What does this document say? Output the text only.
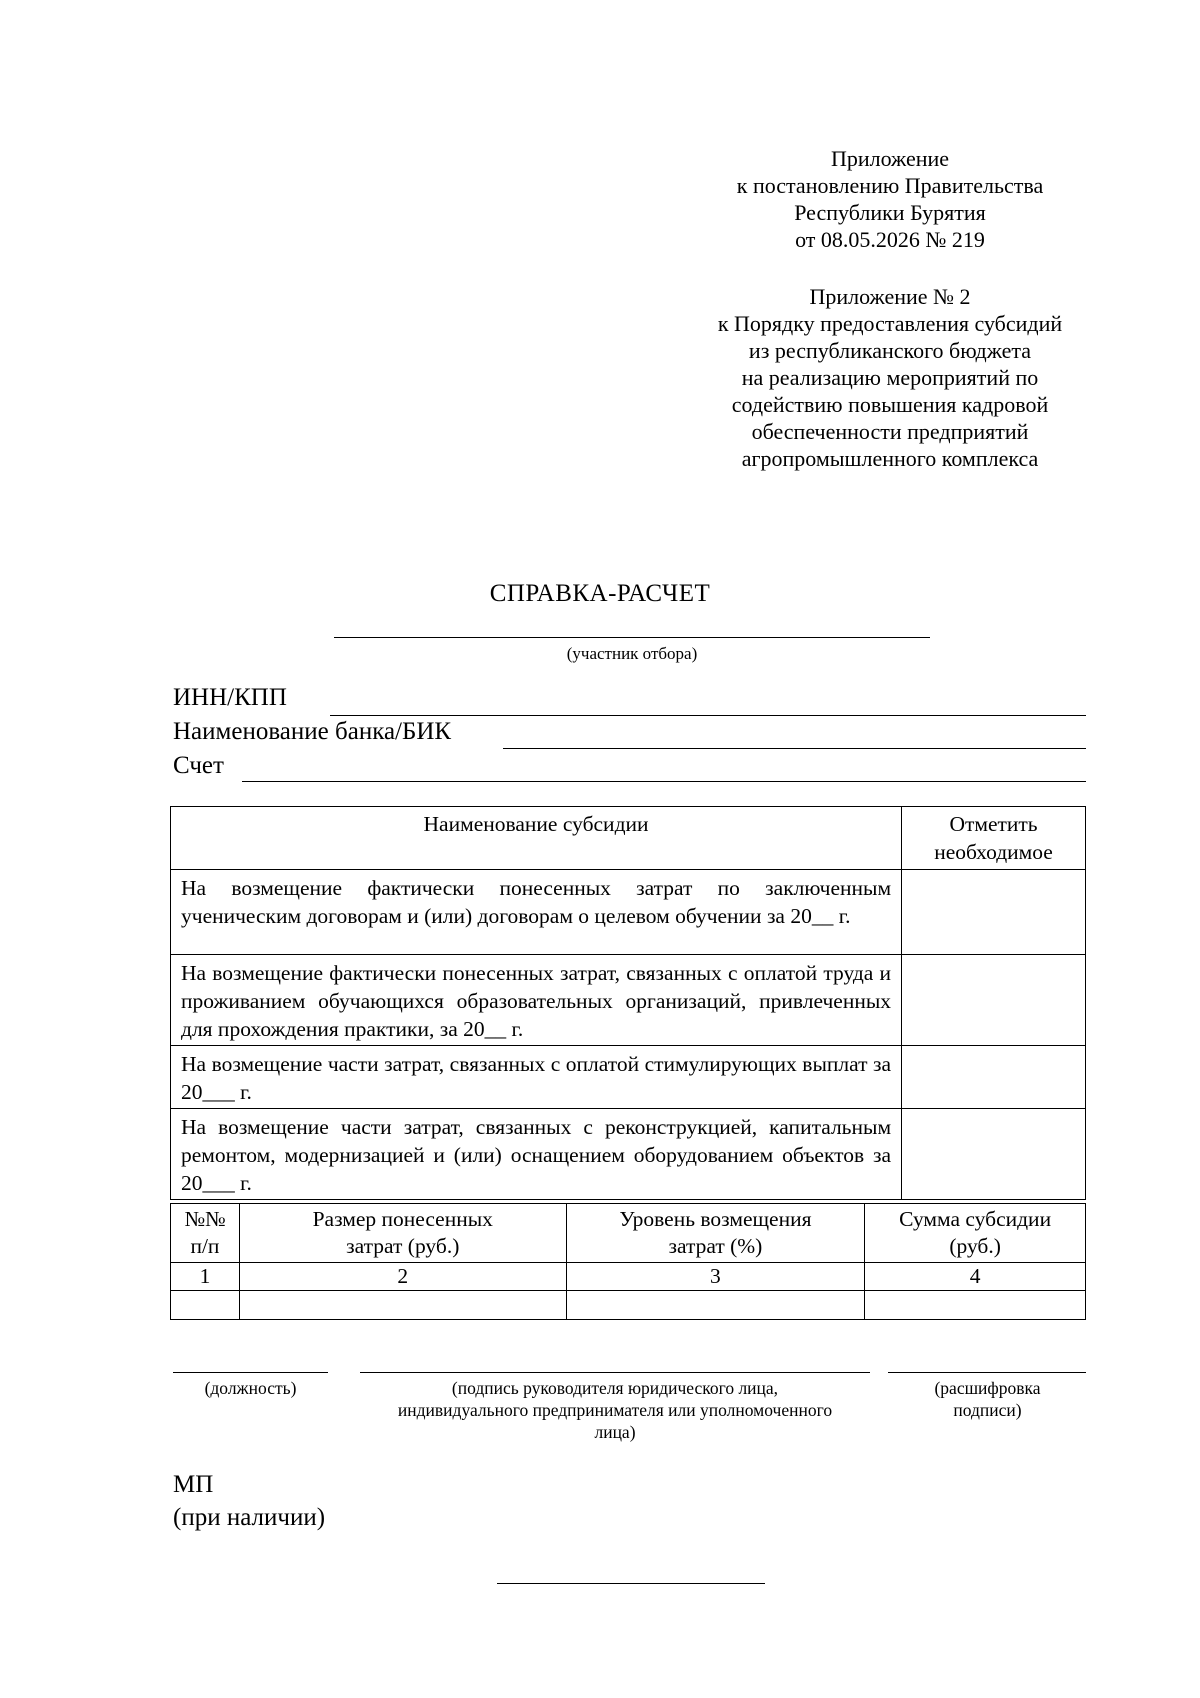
Приложение
к постановлению Правительства
Республики Бурятия
от 08.05.2026 № 219
Приложение № 2
к Порядку предоставления субсидий
из республиканского бюджета
на реализацию мероприятий по
содействию повышения кадровой
обеспеченности предприятий
агропромышленного комплекса
СПРАВКА-РАСЧЕТ
(участник отбора)
ИНН/КПП
Наименование банка/БИК
Счет
Наименование субсидии	Отметить необходимое
На возмещение фактически понесенных затрат по заключенным ученическим договорам и (или) договорам о целевом обучении за 20__ г.	
На возмещение фактически понесенных затрат, связанных с оплатой труда и проживанием обучающихся образовательных организаций, привлеченных для прохождения практики, за 20__ г.	
На возмещение части затрат, связанных с оплатой стимулирующих выплат за 20___ г.	
На возмещение части затрат, связанных с реконструкцией, капитальным ремонтом, модернизацией и (или) оснащением оборудованием объектов за 20___ г.	
№№ п/п	Размер понесенных затрат (руб.)	Уровень возмещения затрат (%)	Сумма субсидии (руб.)
1	2	3	4

(должность)	(подпись руководителя юридического лица, индивидуального предпринимателя или уполномоченного лица)
(расшифровка подписи)
МП
(при наличии)
